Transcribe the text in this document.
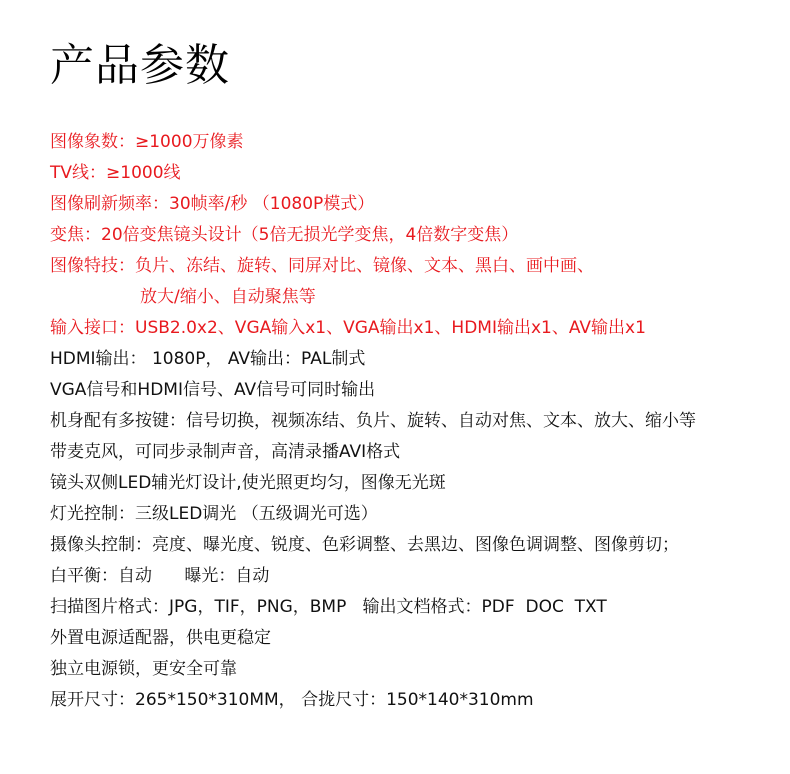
产品参数
图像象数：≥1000万像素
TV线：≥1000线
图像刷新频率：30帧率/秒 （1080P模式）
变焦：20倍变焦镜头设计（5倍无损光学变焦，4倍数字变焦）
图像特技：负片、冻结、旋转、同屏对比、镜像、文本、黑白、画中画、
放大/缩小、自动聚焦等
输入接口：USB2.0x2、VGA输入x1、VGA输出x1、HDMI输出x1、AV输出x1
HDMI输出： 1080P， AV输出：PAL制式
VGA信号和HDMI信号、AV信号可同时输出
机身配有多按键：信号切换，视频冻结、负片、旋转、自动对焦、文本、放大、缩小等
带麦克风，可同步录制声音，高清录播AVI格式
镜头双侧LED辅光灯设计,使光照更均匀，图像无光斑
灯光控制：三级LED调光 （五级调光可选）
摄像头控制：亮度、曝光度、锐度、色彩调整、去黑边、图像色调调整、图像剪切；
白平衡：自动      曝光：自动
扫描图片格式：JPG，TIF，PNG，BMP   输出文档格式：PDF  DOC  TXT
外置电源适配器，供电更稳定
独立电源锁，更安全可靠
展开尺寸：265*150*310MM， 合拢尺寸：150*140*310mm
